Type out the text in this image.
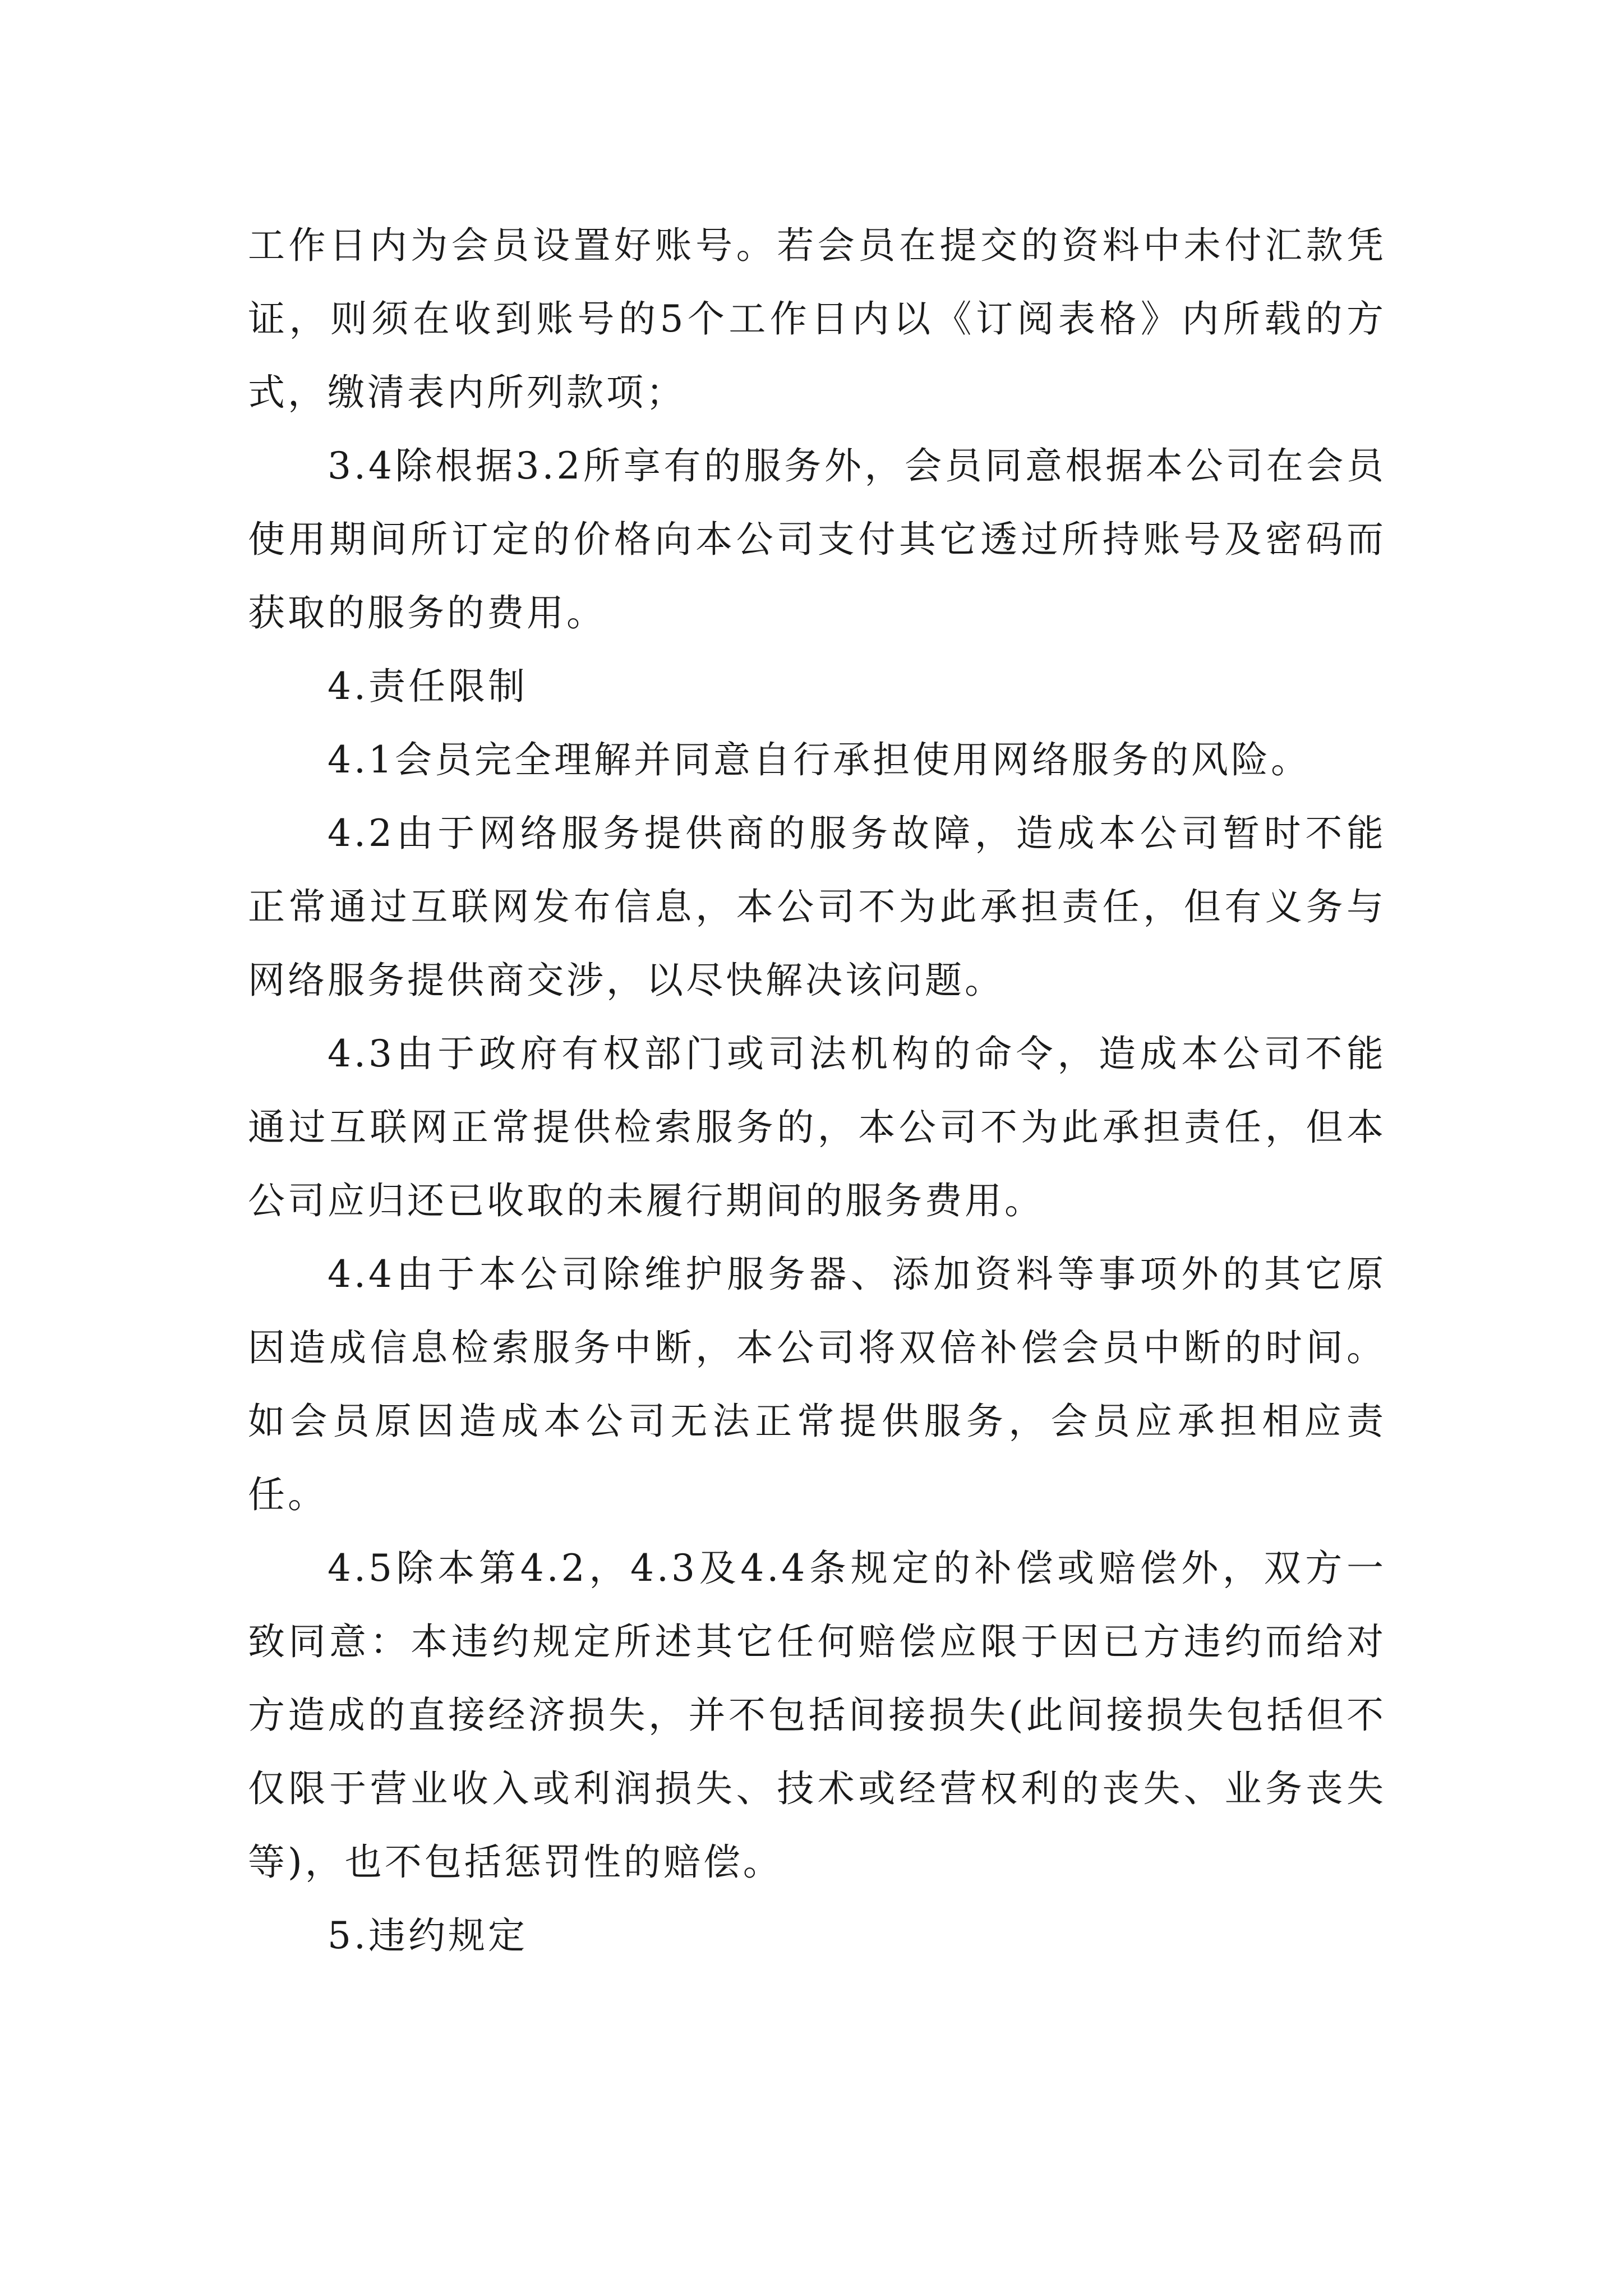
工作日内为会员设置好账号。若会员在提交的资料中未付汇款凭证，则须在收到账号的5个工作日内以《订阅表格》内所载的方式，缴清表内所列款项；

3.4除根据3.2所享有的服务外，会员同意根据本公司在会员使用期间所订定的价格向本公司支付其它透过所持账号及密码而获取的服务的费用。

4.责任限制

4.1会员完全理解并同意自行承担使用网络服务的风险。

4.2由于网络服务提供商的服务故障，造成本公司暂时不能正常通过互联网发布信息，本公司不为此承担责任，但有义务与网络服务提供商交涉，以尽快解决该问题。

4.3由于政府有权部门或司法机构的命令，造成本公司不能通过互联网正常提供检索服务的，本公司不为此承担责任，但本公司应归还已收取的未履行期间的服务费用。

4.4由于本公司除维护服务器、添加资料等事项外的其它原因造成信息检索服务中断，本公司将双倍补偿会员中断的时间。如会员原因造成本公司无法正常提供服务，会员应承担相应责任。

4.5除本第4.2，4.3及4.4条规定的补偿或赔偿外，双方一致同意：本违约规定所述其它任何赔偿应限于因已方违约而给对方造成的直接经济损失，并不包括间接损失(此间接损失包括但不仅限于营业收入或利润损失、技术或经营权利的丧失、业务丧失等)，也不包括惩罚性的赔偿。

5.违约规定
